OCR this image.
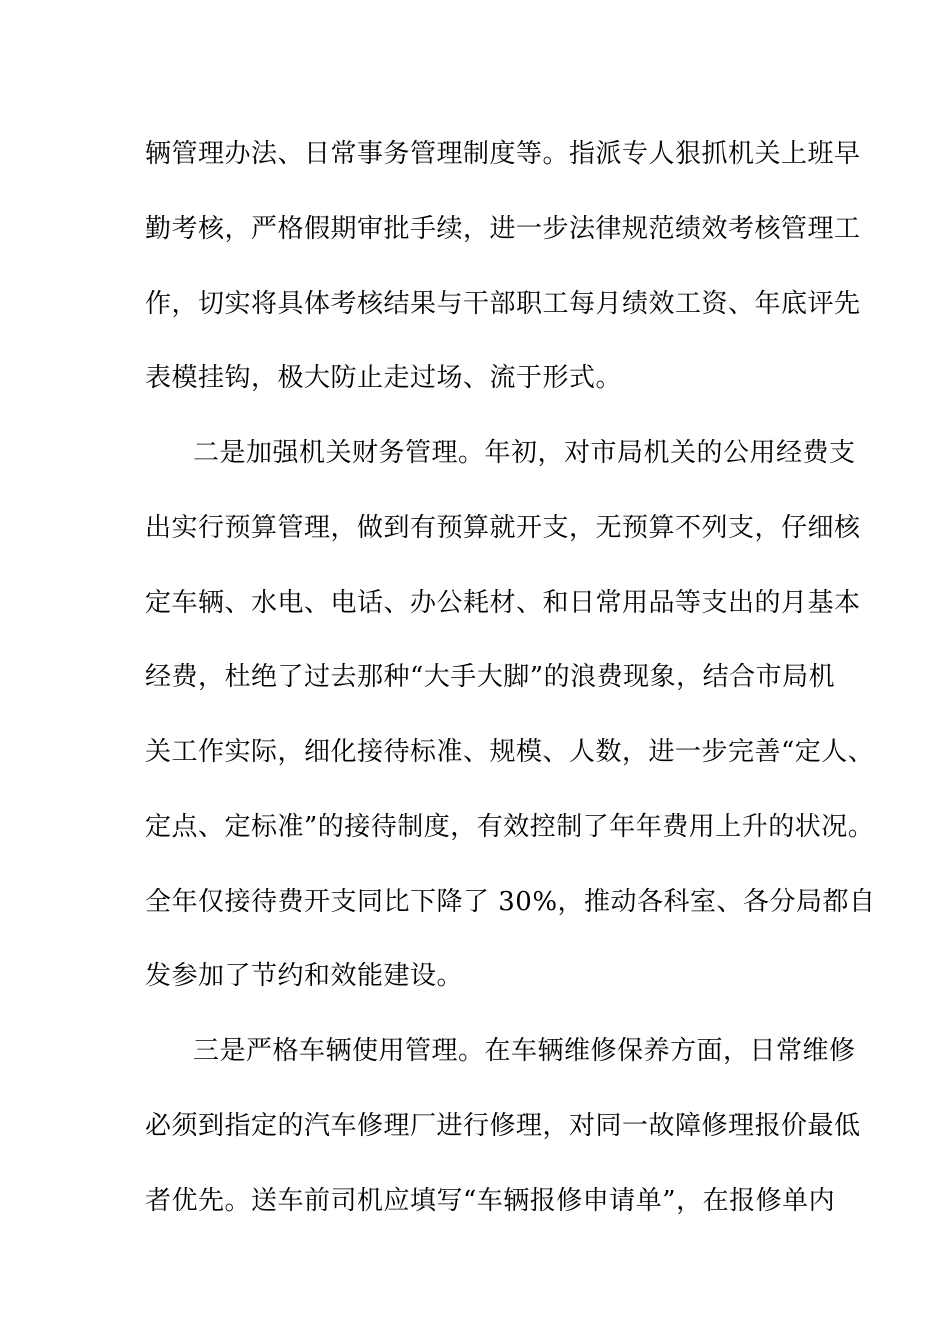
辆管理办法、日常事务管理制度等。指派专人狠抓机关上班早
勤考核，严格假期审批手续，进一步法律规范绩效考核管理工
作，切实将具体考核结果与干部职工每月绩效工资、年底评先
表模挂钩，极大防止走过场、流于形式。
二是加强机关财务管理。年初，对市局机关的公用经费支
出实行预算管理，做到有预算就开支，无预算不列支，仔细核
定车辆、水电、电话、办公耗材、和日常用品等支出的月基本
经费，杜绝了过去那种“大手大脚”的浪费现象，结合市局机
关工作实际，细化接待标准、规模、人数，进一步完善“定人、
定点、定标准”的接待制度，有效控制了年年费用上升的状况。
全年仅接待费开支同比下降了 30%，推动各科室、各分局都自
发参加了节约和效能建设。
三是严格车辆使用管理。在车辆维修保养方面，日常维修
必须到指定的汽车修理厂进行修理，对同一故障修理报价最低
者优先。送车前司机应填写“车辆报修申请单”，在报修单内
